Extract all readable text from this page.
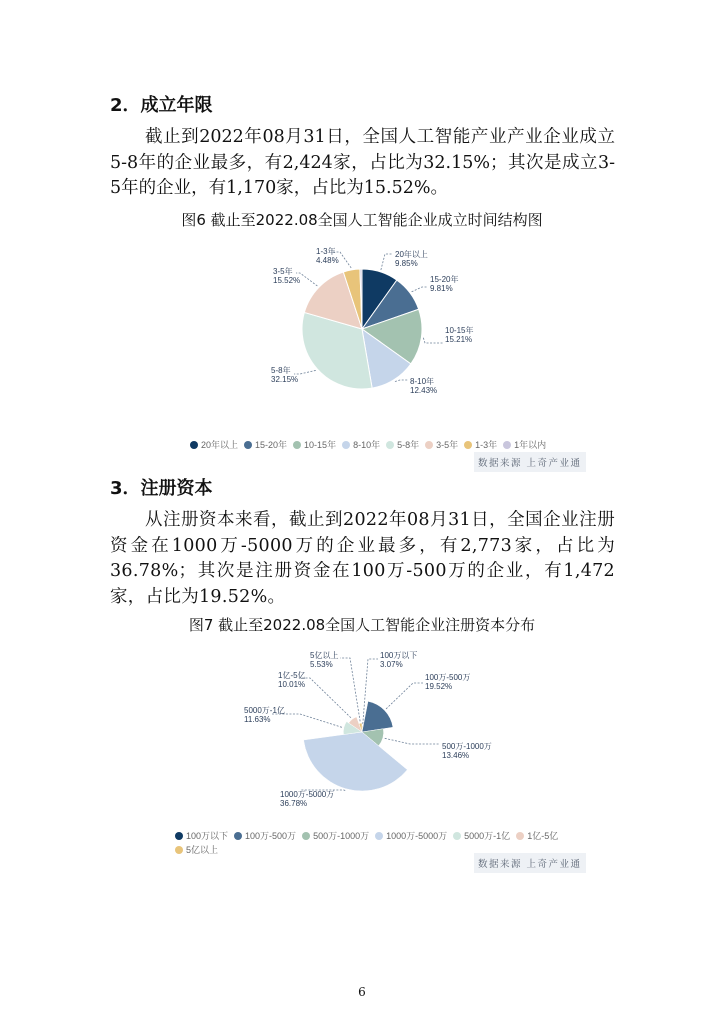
2．成立年限

截止到2022年08月31日，全国人工智能产业产业企业成立5-8年的企业最多，有2,424家，占比为32.15%；其次是成立3-5年的企业，有1,170家，占比为15.52%。

图6 截止至2022.08全国人工智能企业成立时间结构图
20年以上
9.85%
15-20年
9.81%
10-15年
15.21%
8-10年
12.43%
5-8年
32.15%
3-5年
15.52%
1-3年
4.48%
20年以上 15-20年 10-15年 8-10年 5-8年 3-5年 1-3年 1年以内
数据来源 上奇产业通
3．注册资本

从注册资本来看，截止到2022年08月31日，全国企业注册资金在1000万-5000万的企业最多，有2,773家，占比为36.78%；其次是注册资金在100万-500万的企业，有1,472家，占比为19.52%。

图7 截止至2022.08全国人工智能企业注册资本分布
100万以下
3.07%
100万-500万
19.52%
500万-1000万
13.46%
1000万-5000万
36.78%
5000万-1亿
11.63%
1亿-5亿
10.01%
5亿以上
5.53%
100万以下 100万-500万 500万-1000万 1000万-5000万 5000万-1亿 1亿-5亿5亿以上
数据来源 上奇产业通
6
